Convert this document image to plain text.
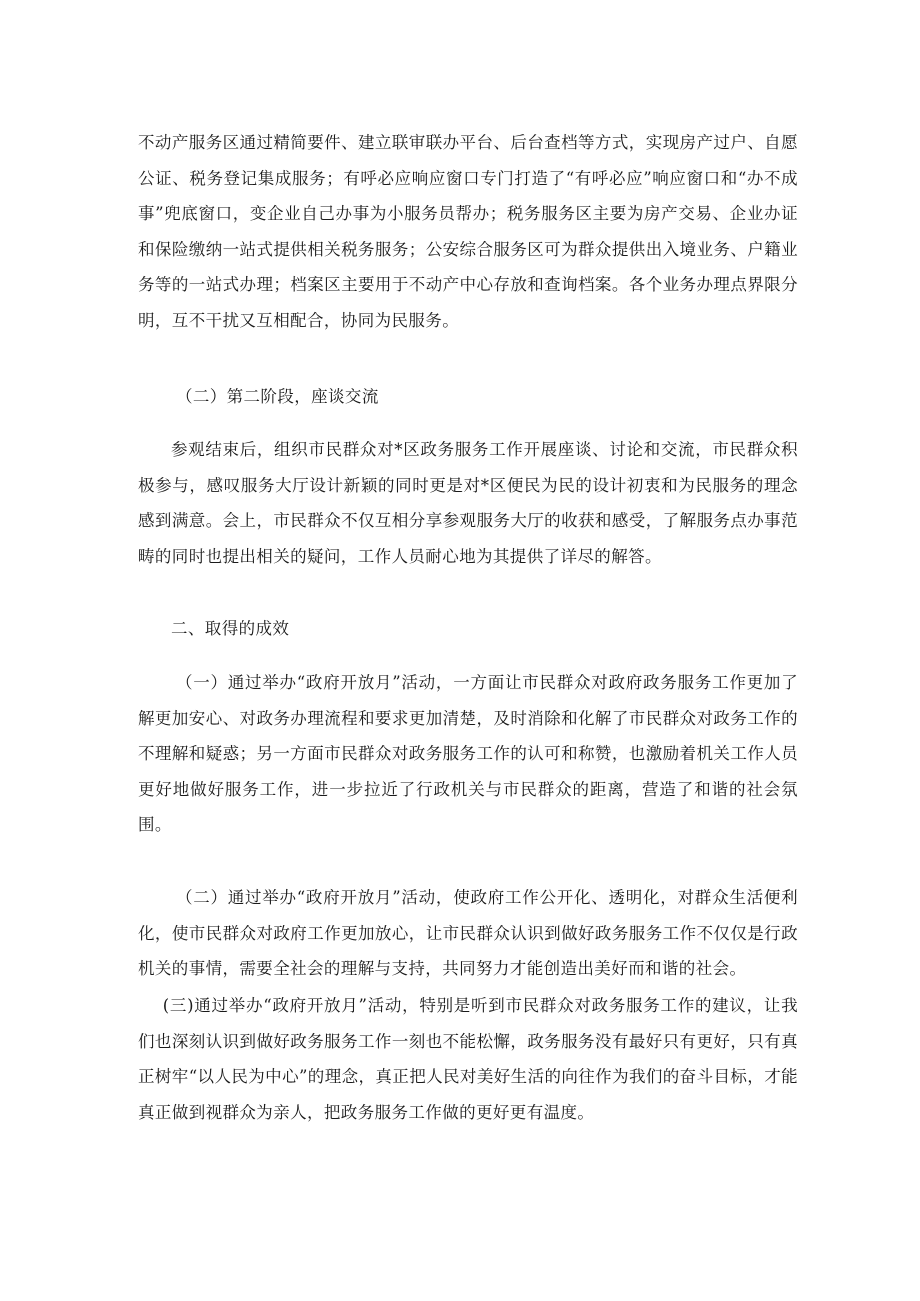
不动产服务区通过精简要件、建立联审联办平台、后台查档等方式，实现房产过户、自愿公证、税务登记集成服务；有呼必应响应窗口专门打造了“有呼必应”响应窗口和“办不成事”兜底窗口，变企业自己办事为小服务员帮办；税务服务区主要为房产交易、企业办证和保险缴纳一站式提供相关税务服务；公安综合服务区可为群众提供出入境业务、户籍业务等的一站式办理；档案区主要用于不动产中心存放和查询档案。各个业务办理点界限分明，互不干扰又互相配合，协同为民服务。

（二）第二阶段，座谈交流

参观结束后，组织市民群众对*区政务服务工作开展座谈、讨论和交流，市民群众积极参与，感叹服务大厅设计新颖的同时更是对*区便民为民的设计初衷和为民服务的理念感到满意。会上，市民群众不仅互相分享参观服务大厅的收获和感受，了解服务点办事范畴的同时也提出相关的疑问，工作人员耐心地为其提供了详尽的解答。

二、取得的成效

（一）通过举办“政府开放月”活动，一方面让市民群众对政府政务服务工作更加了解更加安心、对政务办理流程和要求更加清楚，及时消除和化解了市民群众对政务工作的不理解和疑惑；另一方面市民群众对政务服务工作的认可和称赞，也激励着机关工作人员更好地做好服务工作，进一步拉近了行政机关与市民群众的距离，营造了和谐的社会氛围。

（二）通过举办“政府开放月”活动，使政府工作公开化、透明化，对群众生活便利化，使市民群众对政府工作更加放心，让市民群众认识到做好政务服务工作不仅仅是行政机关的事情，需要全社会的理解与支持，共同努力才能创造出美好而和谐的社会。

(三)通过举办“政府开放月”活动，特别是听到市民群众对政务服务工作的建议，让我们也深刻认识到做好政务服务工作一刻也不能松懈，政务服务没有最好只有更好，只有真正树牢“以人民为中心”的理念，真正把人民对美好生活的向往作为我们的奋斗目标，才能真正做到视群众为亲人，把政务服务工作做的更好更有温度。
